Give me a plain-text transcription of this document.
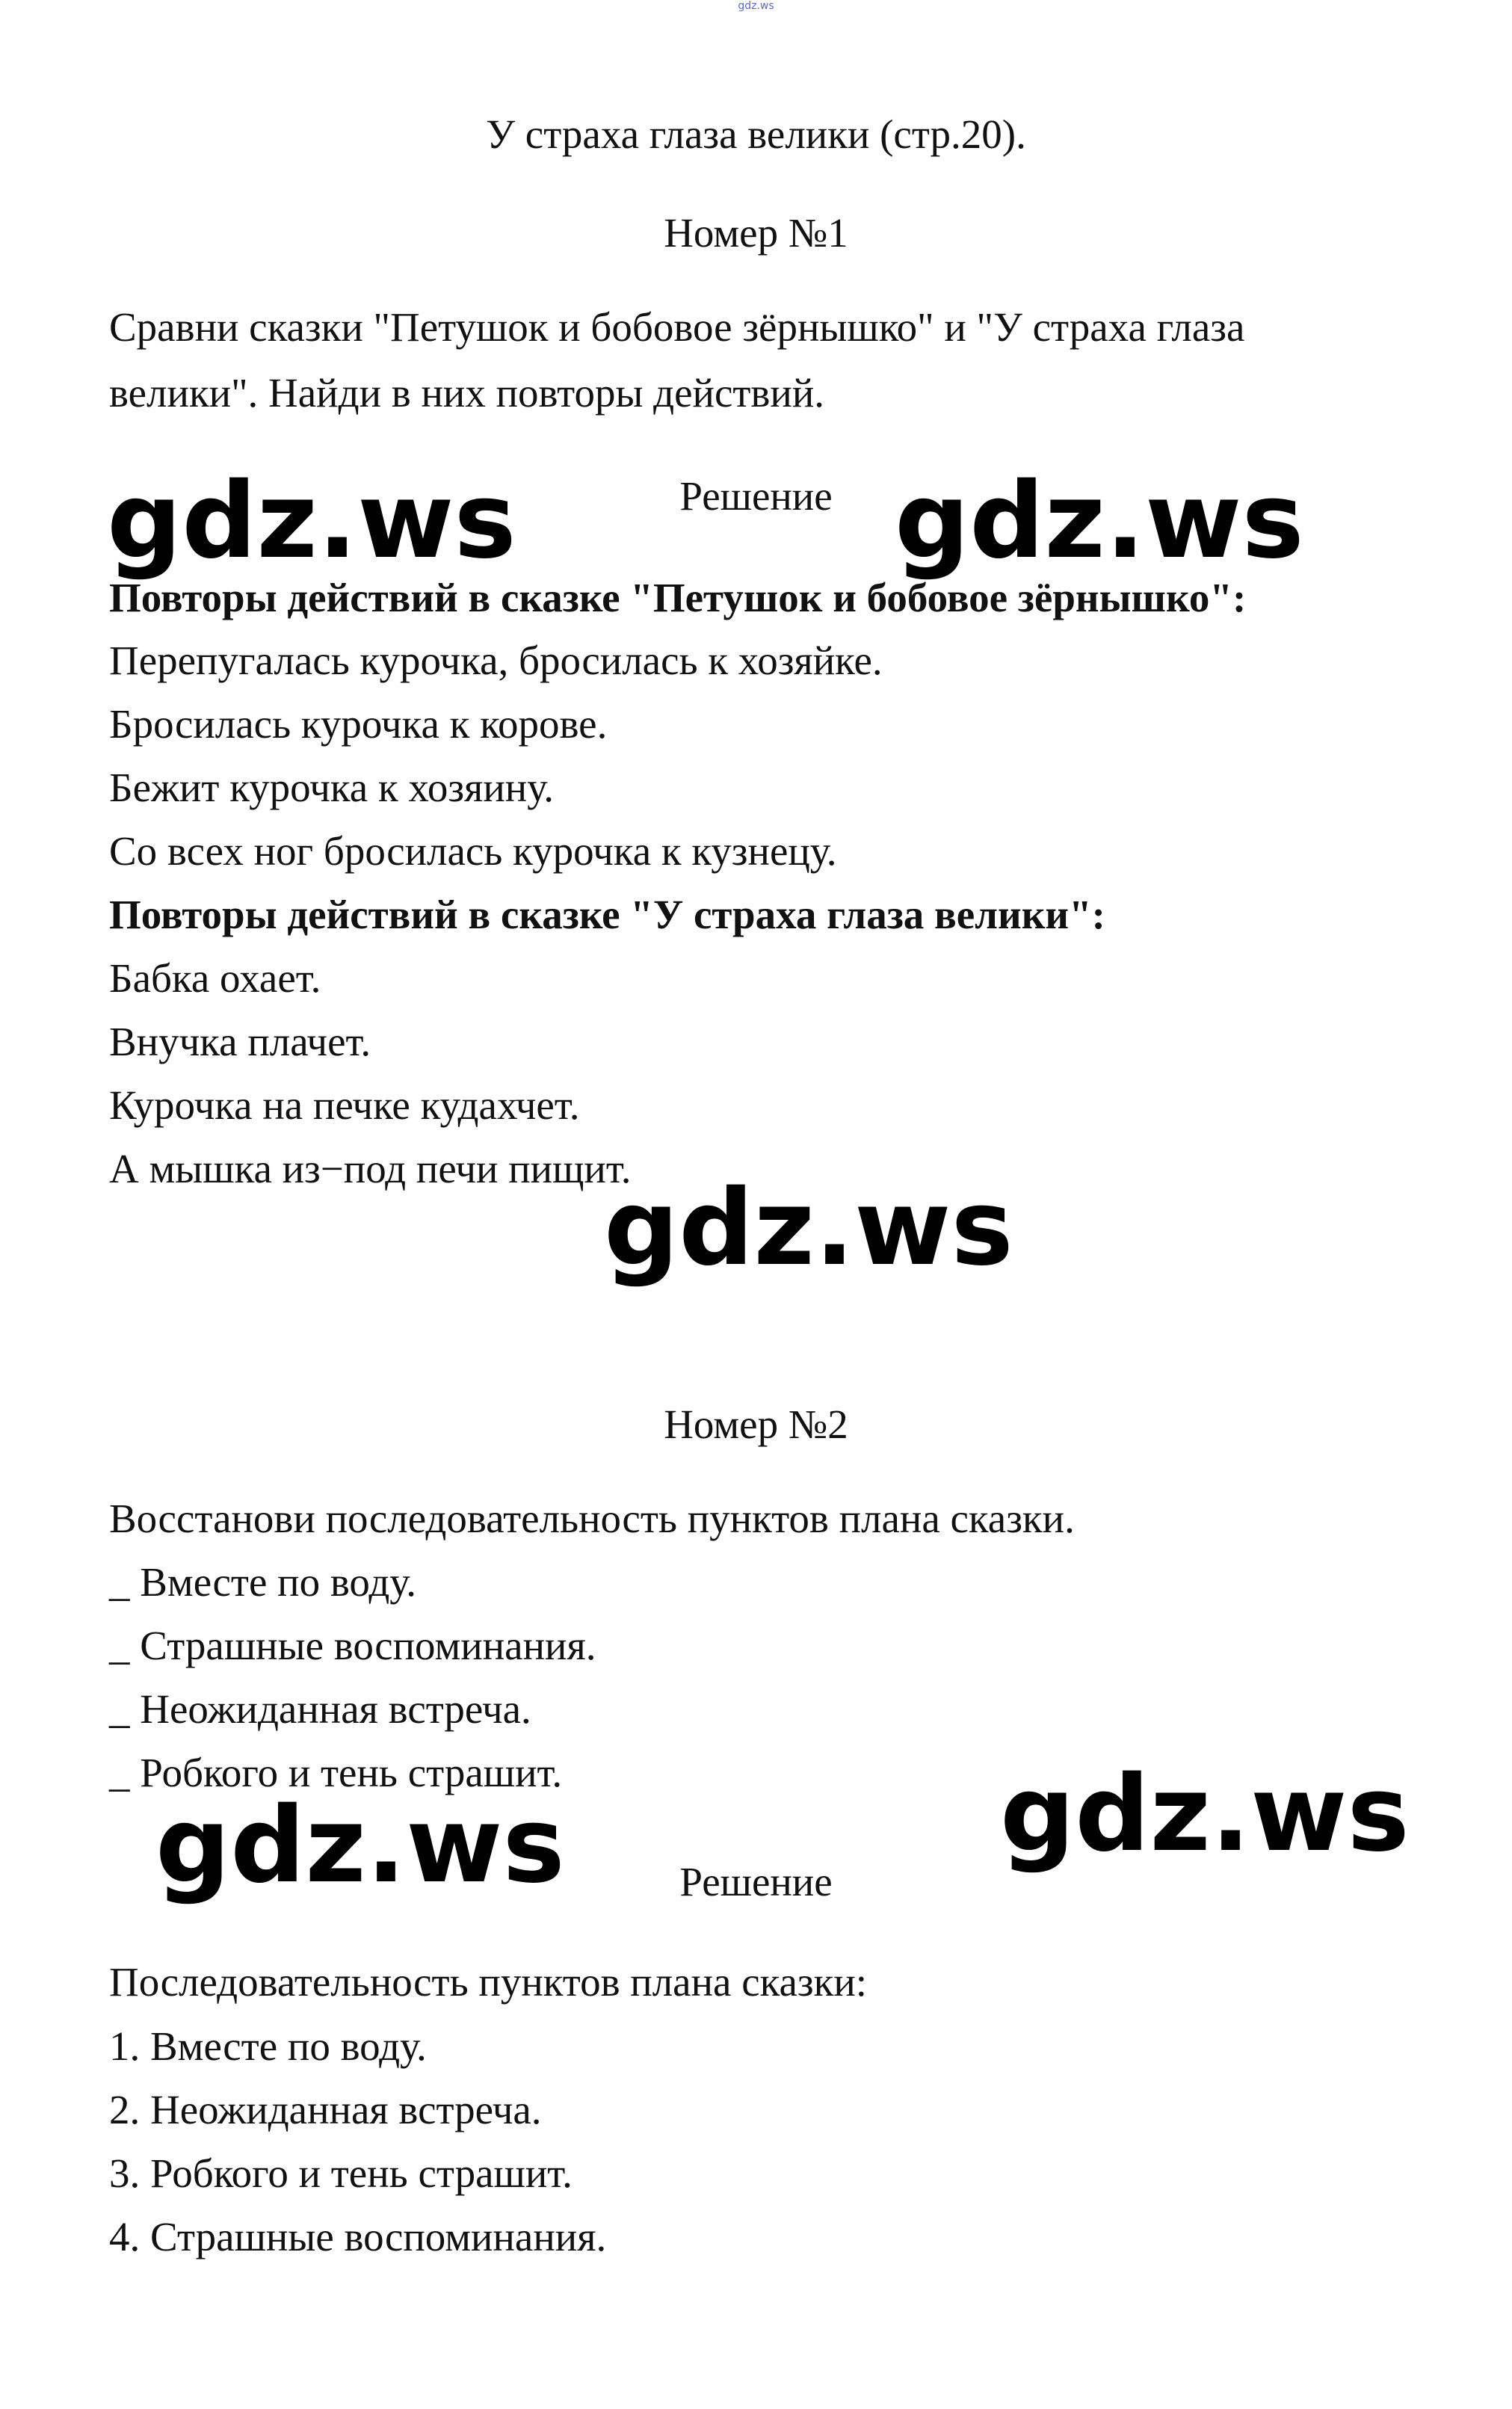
gdz.ws
У страха глаза велики (стр.20).
Номер №1
Сравни сказки "Петушок и бобовое зёрнышко" и "У страха глаза
велики". Найди в них повторы действий.
Решение
Повторы действий в сказке "Петушок и бобовое зёрнышко":
Перепугалась курочка, бросилась к хозяйке.
Бросилась курочка к корове.
Бежит курочка к хозяину.
Со всех ног бросилась курочка к кузнецу.
Повторы действий в сказке "У страха глаза велики":
Бабка охает.
Внучка плачет.
Курочка на печке кудахчет.
А мышка из−под печи пищит.
Номер №2
Восстанови последовательность пунктов плана сказки.
_ Вместе по воду.
_ Страшные воспоминания.
_ Неожиданная встреча.
_ Робкого и тень страшит.
Решение
Последовательность пунктов плана сказки:
1. Вместе по воду.
2. Неожиданная встреча.
3. Робкого и тень страшит.
4. Страшные воспоминания.
gdz.ws	gdz.ws
gdz.ws
gdz.ws
gdz.ws
